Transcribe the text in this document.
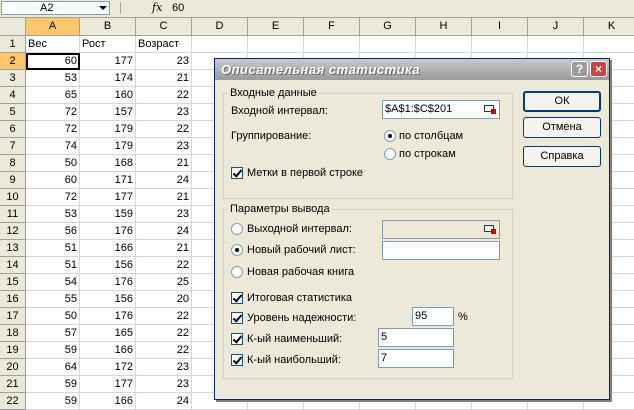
A2	fx 60
A	B	C	D	E	F	G	H	I	J	K
1	Вес	Рост	Возраст
2	60	177	23
3	53	174	21
4	65	160	22
5	72	157	23
6	72	179	22
7	74	179	23
8	50	168	21
9	60	171	24
10	72	177	21
11	53	159	23
12	56	176	24
13	51	166	21
14	51	156	22
15	54	176	25
16	55	156	20
17	50	176	22
18	57	165	22
19	59	166	22
20	64	172	23
21	59	177	23
22	59	166	24
Описательная статистика	? ×
Входные данные
Входной интервал:	$A$1:$C$201
Группирование:	по столбцам
по строкам
Метки в первой строке
Параметры вывода
Выходной интервал:
Новый рабочий лист:
Новая рабочая книга
Итоговая статистика
Уровень надежности:	95	%
К-ый наименьший:	5
К-ый наибольший:	7
ОК
Отмена
Справка
